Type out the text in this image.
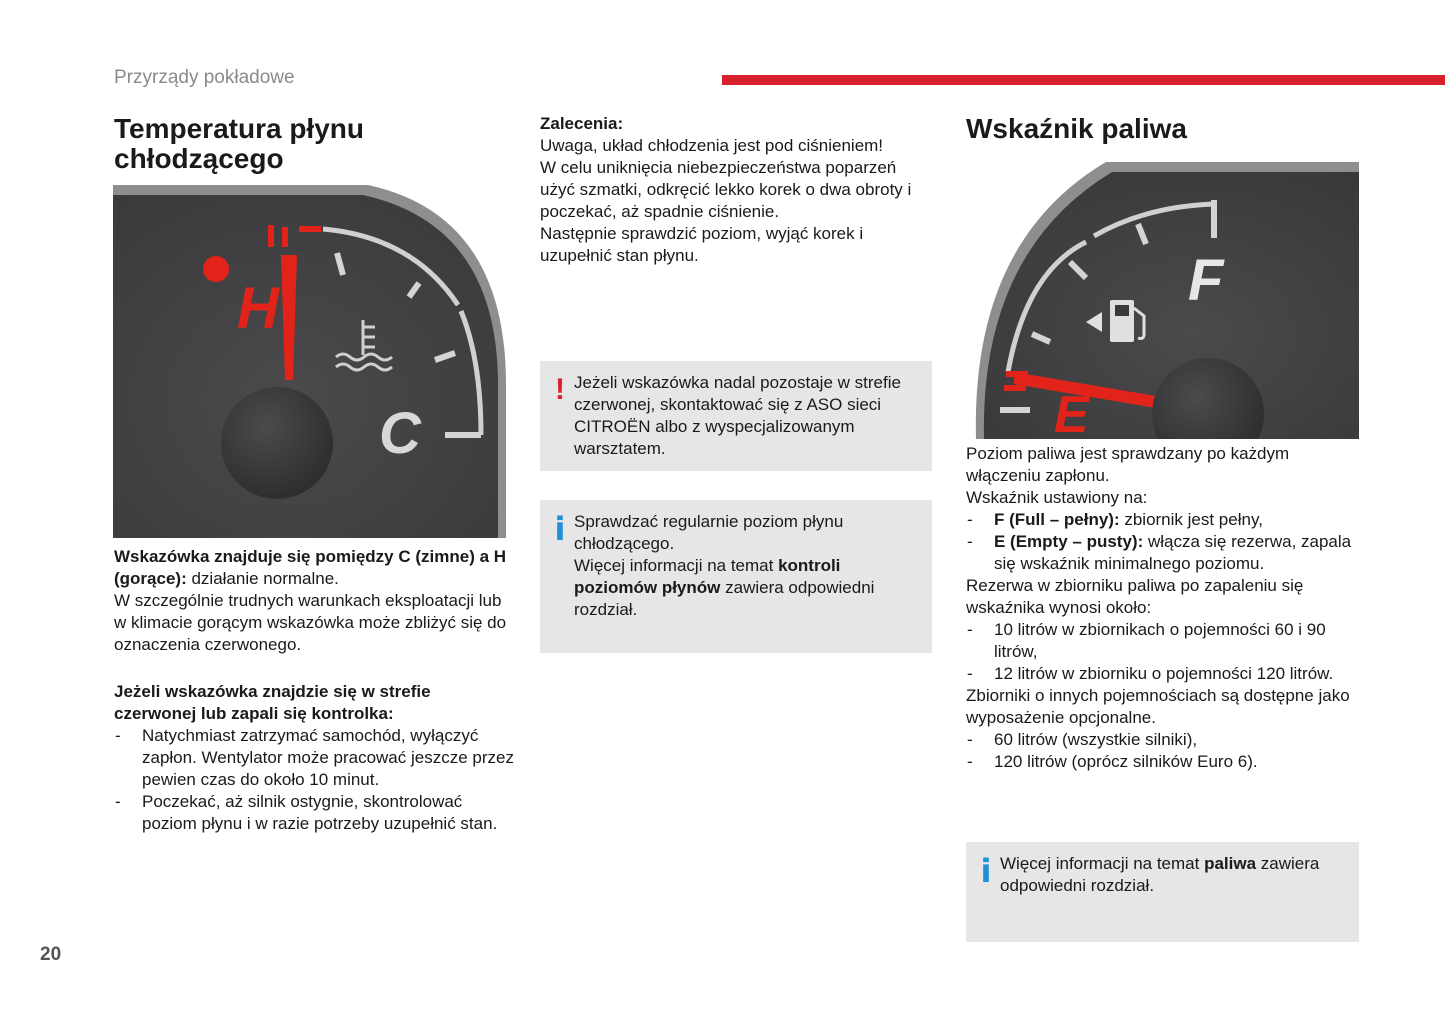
Przyrządy pokładowe
Temperatura płynu
chłodzącego
H
C

Wskazówka znajduje się pomiędzy C (zimne) a H (gorące): działanie normalne.

W szczególnie trudnych warunkach eksploatacji lub w klimacie gorącym wskazówka może zbliżyć się do oznaczenia czerwonego.

Jeżeli wskazówka znajdzie się w strefie czerwonej lub zapali się kontrolka:

- Natychmiast zatrzymać samochód, wyłączyć zapłon. Wentylator może pracować jeszcze przez pewien czas do około 10 minut.
- Poczekać, aż silnik ostygnie, skontrolować poziom płynu i w razie potrzeby uzupełnić stan.

Zalecenia:

Uwaga, układ chłodzenia jest pod ciśnieniem!

W celu uniknięcia niebezpieczeństwa poparzeń użyć szmatki, odkręcić lekko korek o dwa obroty i poczekać, aż spadnie ciśnienie.

Następnie sprawdzić poziom, wyjąć korek i uzupełnić stan płynu.

! Jeżeli wskazówka nadal pozostaje w strefie czerwonej, skontaktować się z ASO sieci CITROËN albo z wyspecjalizowanym warsztatem.
i Sprawdzać regularnie poziom płynu chłodzącego.

Więcej informacji na temat kontroli poziomów płynów zawiera odpowiedni rozdział.

Wskaźnik paliwa
F
E

Poziom paliwa jest sprawdzany po każdym włączeniu zapłonu.

Wskaźnik ustawiony na:

- F (Full – pełny): zbiornik jest pełny,
- E (Empty – pusty): włącza się rezerwa, zapala się wskaźnik minimalnego poziomu.

Rezerwa w zbiorniku paliwa po zapaleniu się wskaźnika wynosi około:

- 10 litrów w zbiornikach o pojemności 60 i 90 litrów,
- 12 litrów w zbiorniku o pojemności 120 litrów.

Zbiorniki o innych pojemnościach są dostępne jako wyposażenie opcjonalne.

- 60 litrów (wszystkie silniki),
- 120 litrów (oprócz silników Euro 6).
i Więcej informacji na temat paliwa zawiera odpowiedni rozdział.

20
